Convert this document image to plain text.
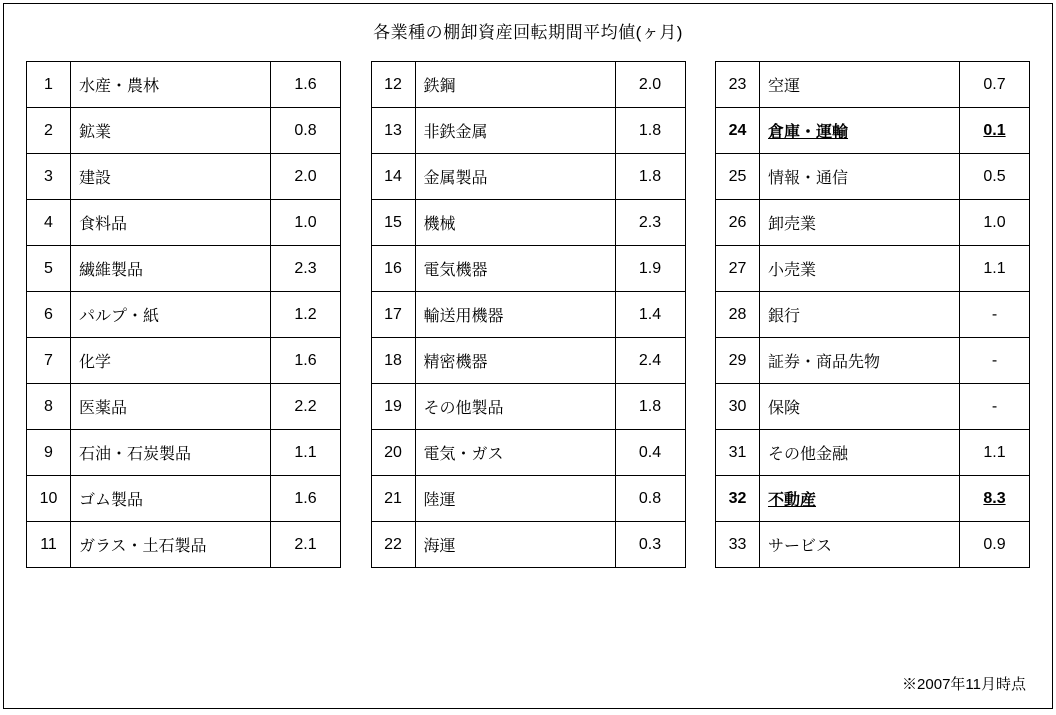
各業種の棚卸資産回転期間平均値(ヶ月)
1	水産・農林	1.6
2	鉱業	0.8
3	建設	2.0
4	食料品	1.0
5	繊維製品	2.3
6	パルプ・紙	1.2
7	化学	1.6
8	医薬品	2.2
9	石油・石炭製品	1.1
10	ゴム製品	1.6
11	ガラス・土石製品	2.1
12	鉄鋼	2.0
13	非鉄金属	1.8
14	金属製品	1.8
15	機械	2.3
16	電気機器	1.9
17	輸送用機器	1.4
18	精密機器	2.4
19	その他製品	1.8
20	電気・ガス	0.4
21	陸運	0.8
22	海運	0.3
23	空運	0.7
24	倉庫・運輸	0.1
25	情報・通信	0.5
26	卸売業	1.0
27	小売業	1.1
28	銀行	-
29	証券・商品先物	-
30	保険	-
31	その他金融	1.1
32	不動産	8.3
33	サービス	0.9
※2007年11月時点
